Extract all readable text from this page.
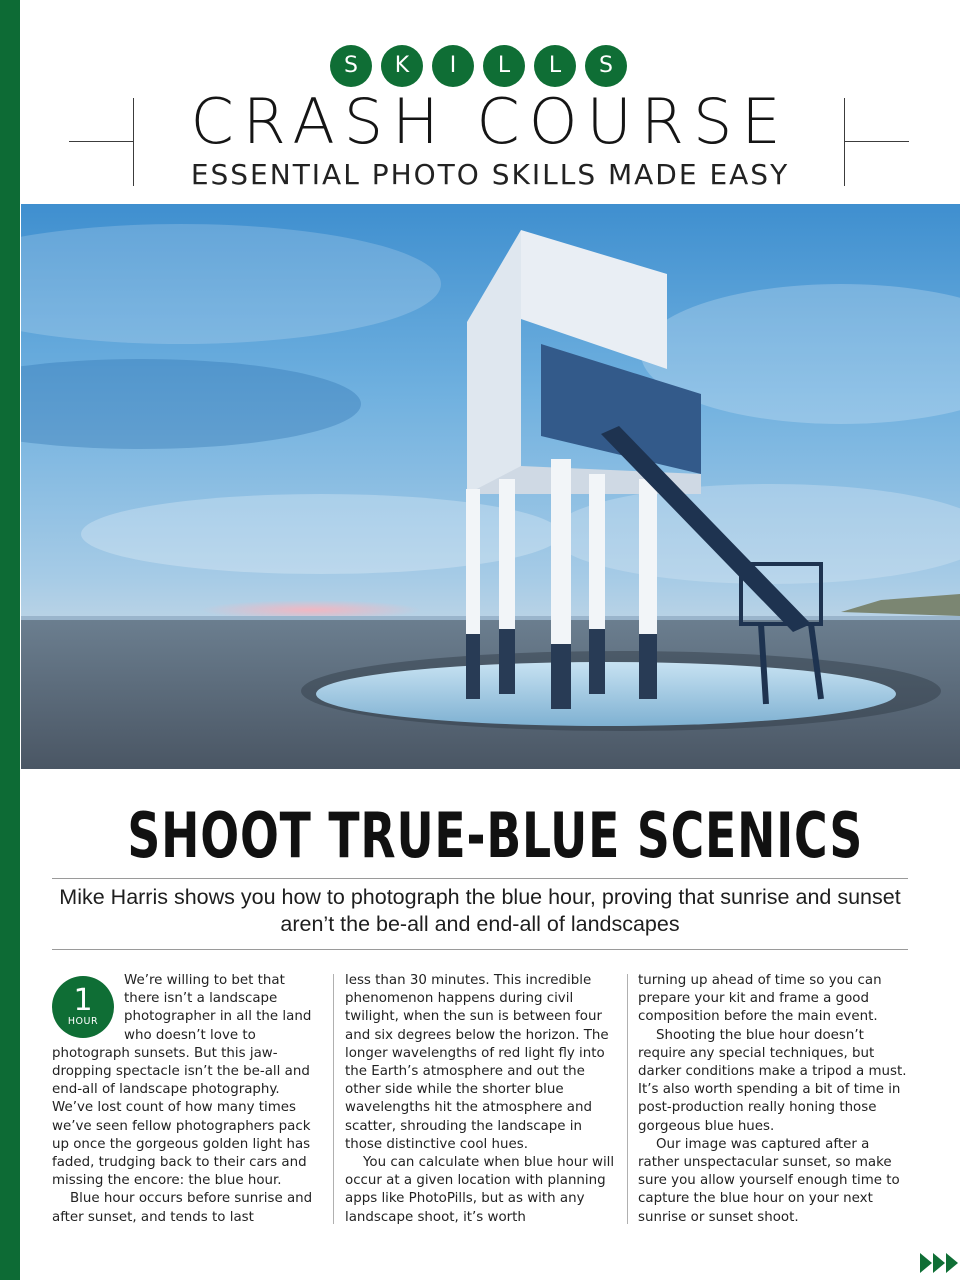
S	K	I	L	L	S
CRASH COURSE
ESSENTIAL PHOTO SKILLS MADE EASY
SHOOT TRUE-BLUE SCENICS
Mike Harris shows you how to photograph the blue hour, proving that sunrise and sunset aren’t the be-all and end-all of landscapes
1
HOUR

We’re willing to bet that there isn’t a landscape photographer in all the land who doesn’t love to photograph sunsets. But this jaw-dropping spectacle isn’t the be-all and end-all of landscape photography. We’ve lost count of how many times we’ve seen fellow photographers pack up once the gorgeous golden light has faded, trudging back to their cars and missing the encore: the blue hour.

Blue hour occurs before sunrise and after sunset, and tends to last

less than 30 minutes. This incredible phenomenon happens during civil twilight, when the sun is between four and six degrees below the horizon. The longer wavelengths of red light fly into the Earth’s atmosphere and out the other side while the shorter blue wavelengths hit the atmosphere and scatter, shrouding the landscape in those distinctive cool hues.

You can calculate when blue hour will occur at a given location with planning apps like PhotoPills, but as with any landscape shoot, it’s worth

turning up ahead of time so you can prepare your kit and frame a good composition before the main event.

Shooting the blue hour doesn’t require any special techniques, but darker conditions make a tripod a must. It’s also worth spending a bit of time in post-production really honing those gorgeous blue hues.

Our image was captured after a rather unspectacular sunset, so make sure you allow yourself enough time to capture the blue hour on your next sunrise or sunset shoot.
